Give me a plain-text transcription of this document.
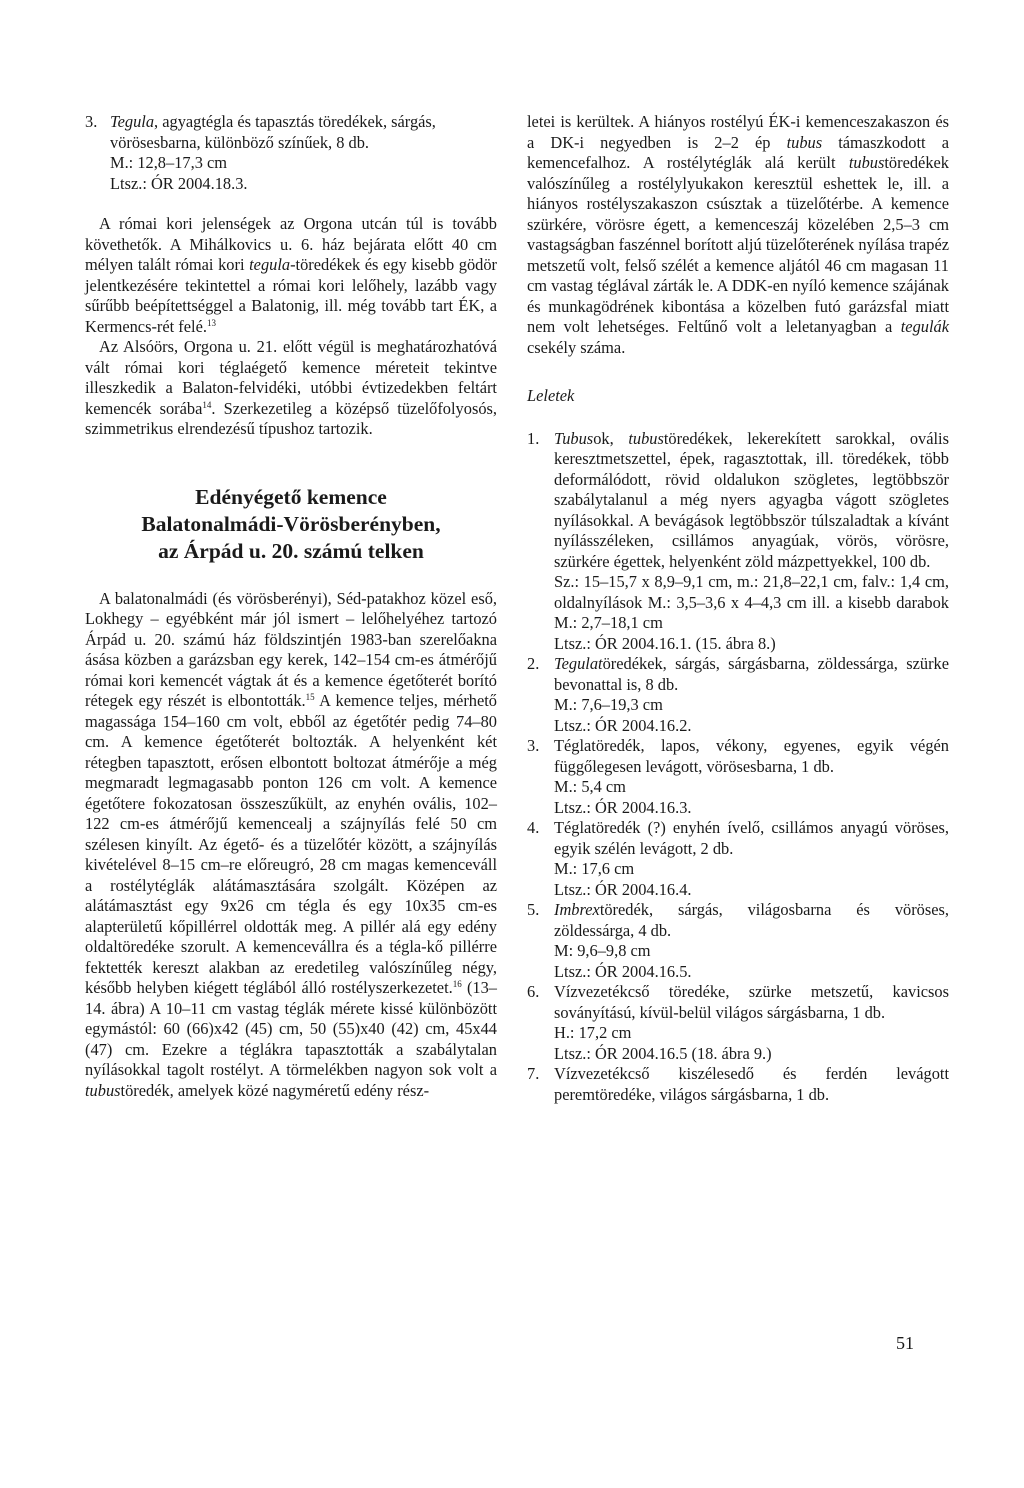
3. Tegula, agyagtégla és tapasztás töredékek, sárgás, vörösesbarna, különböző színűek, 8 db.

M.: 12,8–17,3 cm

Ltsz.: ÓR 2004.18.3.

A római kori jelenségek az Orgona utcán túl is tovább követhetők. A Mihálkovics u. 6. ház bejárata előtt 40 cm mélyen talált római kori tegula-töredékek és egy kisebb gödör jelentkezésére tekintettel a római kori lelőhely, lazább vagy sűrűbb beépítettséggel a Balatonig, ill. még tovább tart ÉK, a Kermencs-rét felé.$^{13}$

Az Alsóörs, Orgona u. 21. előtt végül is meghatározhatóvá vált római kori téglaégető kemence méreteit tekintve illeszkedik a Balaton-felvidéki, utóbbi évtizedekben feltárt kemencék sorába$^{14}$. Szerkezetileg a középső tüzelőfolyosós, szimmetrikus elrendezésű típushoz tartozik.

Edényégető kemence
Balatonalmádi-Vörösberényben,
az Árpád u. 20. számú telken

A balatonalmádi (és vörösberényi), Séd-patakhoz közel eső, Lokhegy – egyébként már jól ismert – lelőhelyéhez tartozó Árpád u. 20. számú ház földszintjén 1983-ban szerelőakna ásása közben a garázsban egy kerek, 142–154 cm-es átmérőjű római kori kemencét vágtak át és a kemence égetőterét borító rétegek egy részét is elbontották.$^{15}$ A kemence teljes, mérhető magassága 154–160 cm volt, ebből az égetőtér pedig 74–80 cm. A kemence égetőterét boltozták. A helyenként két rétegben tapasztott, erősen elbontott boltozat átmérője a még megmaradt legmagasabb ponton 126 cm volt. A kemence égetőtere fokozatosan összeszűkült, az enyhén ovális, 102–122 cm-es átmérőjű kemencealj a szájnyílás felé 50 cm szélesen kinyílt. Az égető- és a tüzelőtér között, a szájnyílás kivételével 8–15 cm–re előreugró, 28 cm magas kemenceváll a rostélytéglák alátámasztására szolgált. Középen az alátámasztást egy 9x26 cm tégla és egy 10x35 cm-es alapterületű kőpillérrel oldották meg. A pillér alá egy edény oldaltöredéke szorult. A kemencevállra és a tégla-kő pillérre fektették kereszt alakban az eredetileg valószínűleg négy, később helyben kiégett téglából álló rostélyszerkezetet.$^{16}$ (13–14. ábra) A 10–11 cm vastag téglák mérete kissé különbözött egymástól: 60 (66)x42 (45) cm, 50 (55)x40 (42) cm, 45x44 (47) cm. Ezekre a téglákra tapasztották a szabálytalan nyílásokkal tagolt rostélyt. A törmelékben nagyon sok volt a tubustöredék, amelyek közé nagyméretű edény rész-

letei is kerültek. A hiányos rostélyú ÉK-i kemenceszakaszon és a DK-i negyedben is 2–2 ép tubus támaszkodott a kemencefalhoz. A rostélytéglák alá került tubustöredékek valószínűleg a rostélylyukakon keresztül eshettek le, ill. a hiányos rostélyszakaszon csúsztak a tüzelőtérbe. A kemence szürkére, vörösre égett, a kemenceszáj közelében 2,5–3 cm vastagságban faszénnel borított aljú tüzelőterének nyílása trapéz metszetű volt, felső szélét a kemence aljától 46 cm magasan 11 cm vastag téglával zárták le. A DDK-en nyíló kemence szájának és munkagödrének kibontása a közelben futó garázsfal miatt nem volt lehetséges. Feltűnő volt a leletanyagban a tegulák csekély száma.

Leletek

1. Tubusok, tubustöredékek, lekerekített sarokkal, ovális keresztmetszettel, épek, ragasztottak, ill. töredékek, több deformálódott, rövid oldalukon szögletes, legtöbbször szabálytalanul a még nyers agyagba vágott szögletes nyílásokkal. A bevágások legtöbbször túlszaladtak a kívánt nyílásszéleken, csillámos anyagúak, vörös, vörösre, szürkére égettek, helyenként zöld mázpettyekkel, 100 db.
Sz.: 15–15,7 x 8,9–9,1 cm, m.: 21,8–22,1 cm, falv.: 1,4 cm, oldalnyílások M.: 3,5–3,6 x 4–4,3 cm ill. a kisebb darabok M.: 2,7–18,1 cm
Ltsz.: ÓR 2004.16.1. (15. ábra 8.)
2. Tegulatöredékek, sárgás, sárgásbarna, zöldessárga, szürke bevonattal is, 8 db.
M.: 7,6–19,3 cm
Ltsz.: ÓR 2004.16.2.
3. Téglatöredék, lapos, vékony, egyenes, egyik végén függőlegesen levágott, vörösesbarna, 1 db.
M.: 5,4 cm
Ltsz.: ÓR 2004.16.3.
4. Téglatöredék (?) enyhén ívelő, csillámos anyagú vöröses, egyik szélén levágott, 2 db.
M.: 17,6 cm
Ltsz.: ÓR 2004.16.4.
5. Imbrextöredék, sárgás, világosbarna és vöröses, zöldessárga, 4 db.
M: 9,6–9,8 cm
Ltsz.: ÓR 2004.16.5.
6. Vízvezetékcső töredéke, szürke metszetű, kavicsos soványítású, kívül-belül világos sárgásbarna, 1 db.
H.: 17,2 cm
Ltsz.: ÓR 2004.16.5 (18. ábra 9.)
7. Vízvezetékcső kiszélesedő és ferdén levágott peremtöredéke, világos sárgásbarna, 1 db.
51
